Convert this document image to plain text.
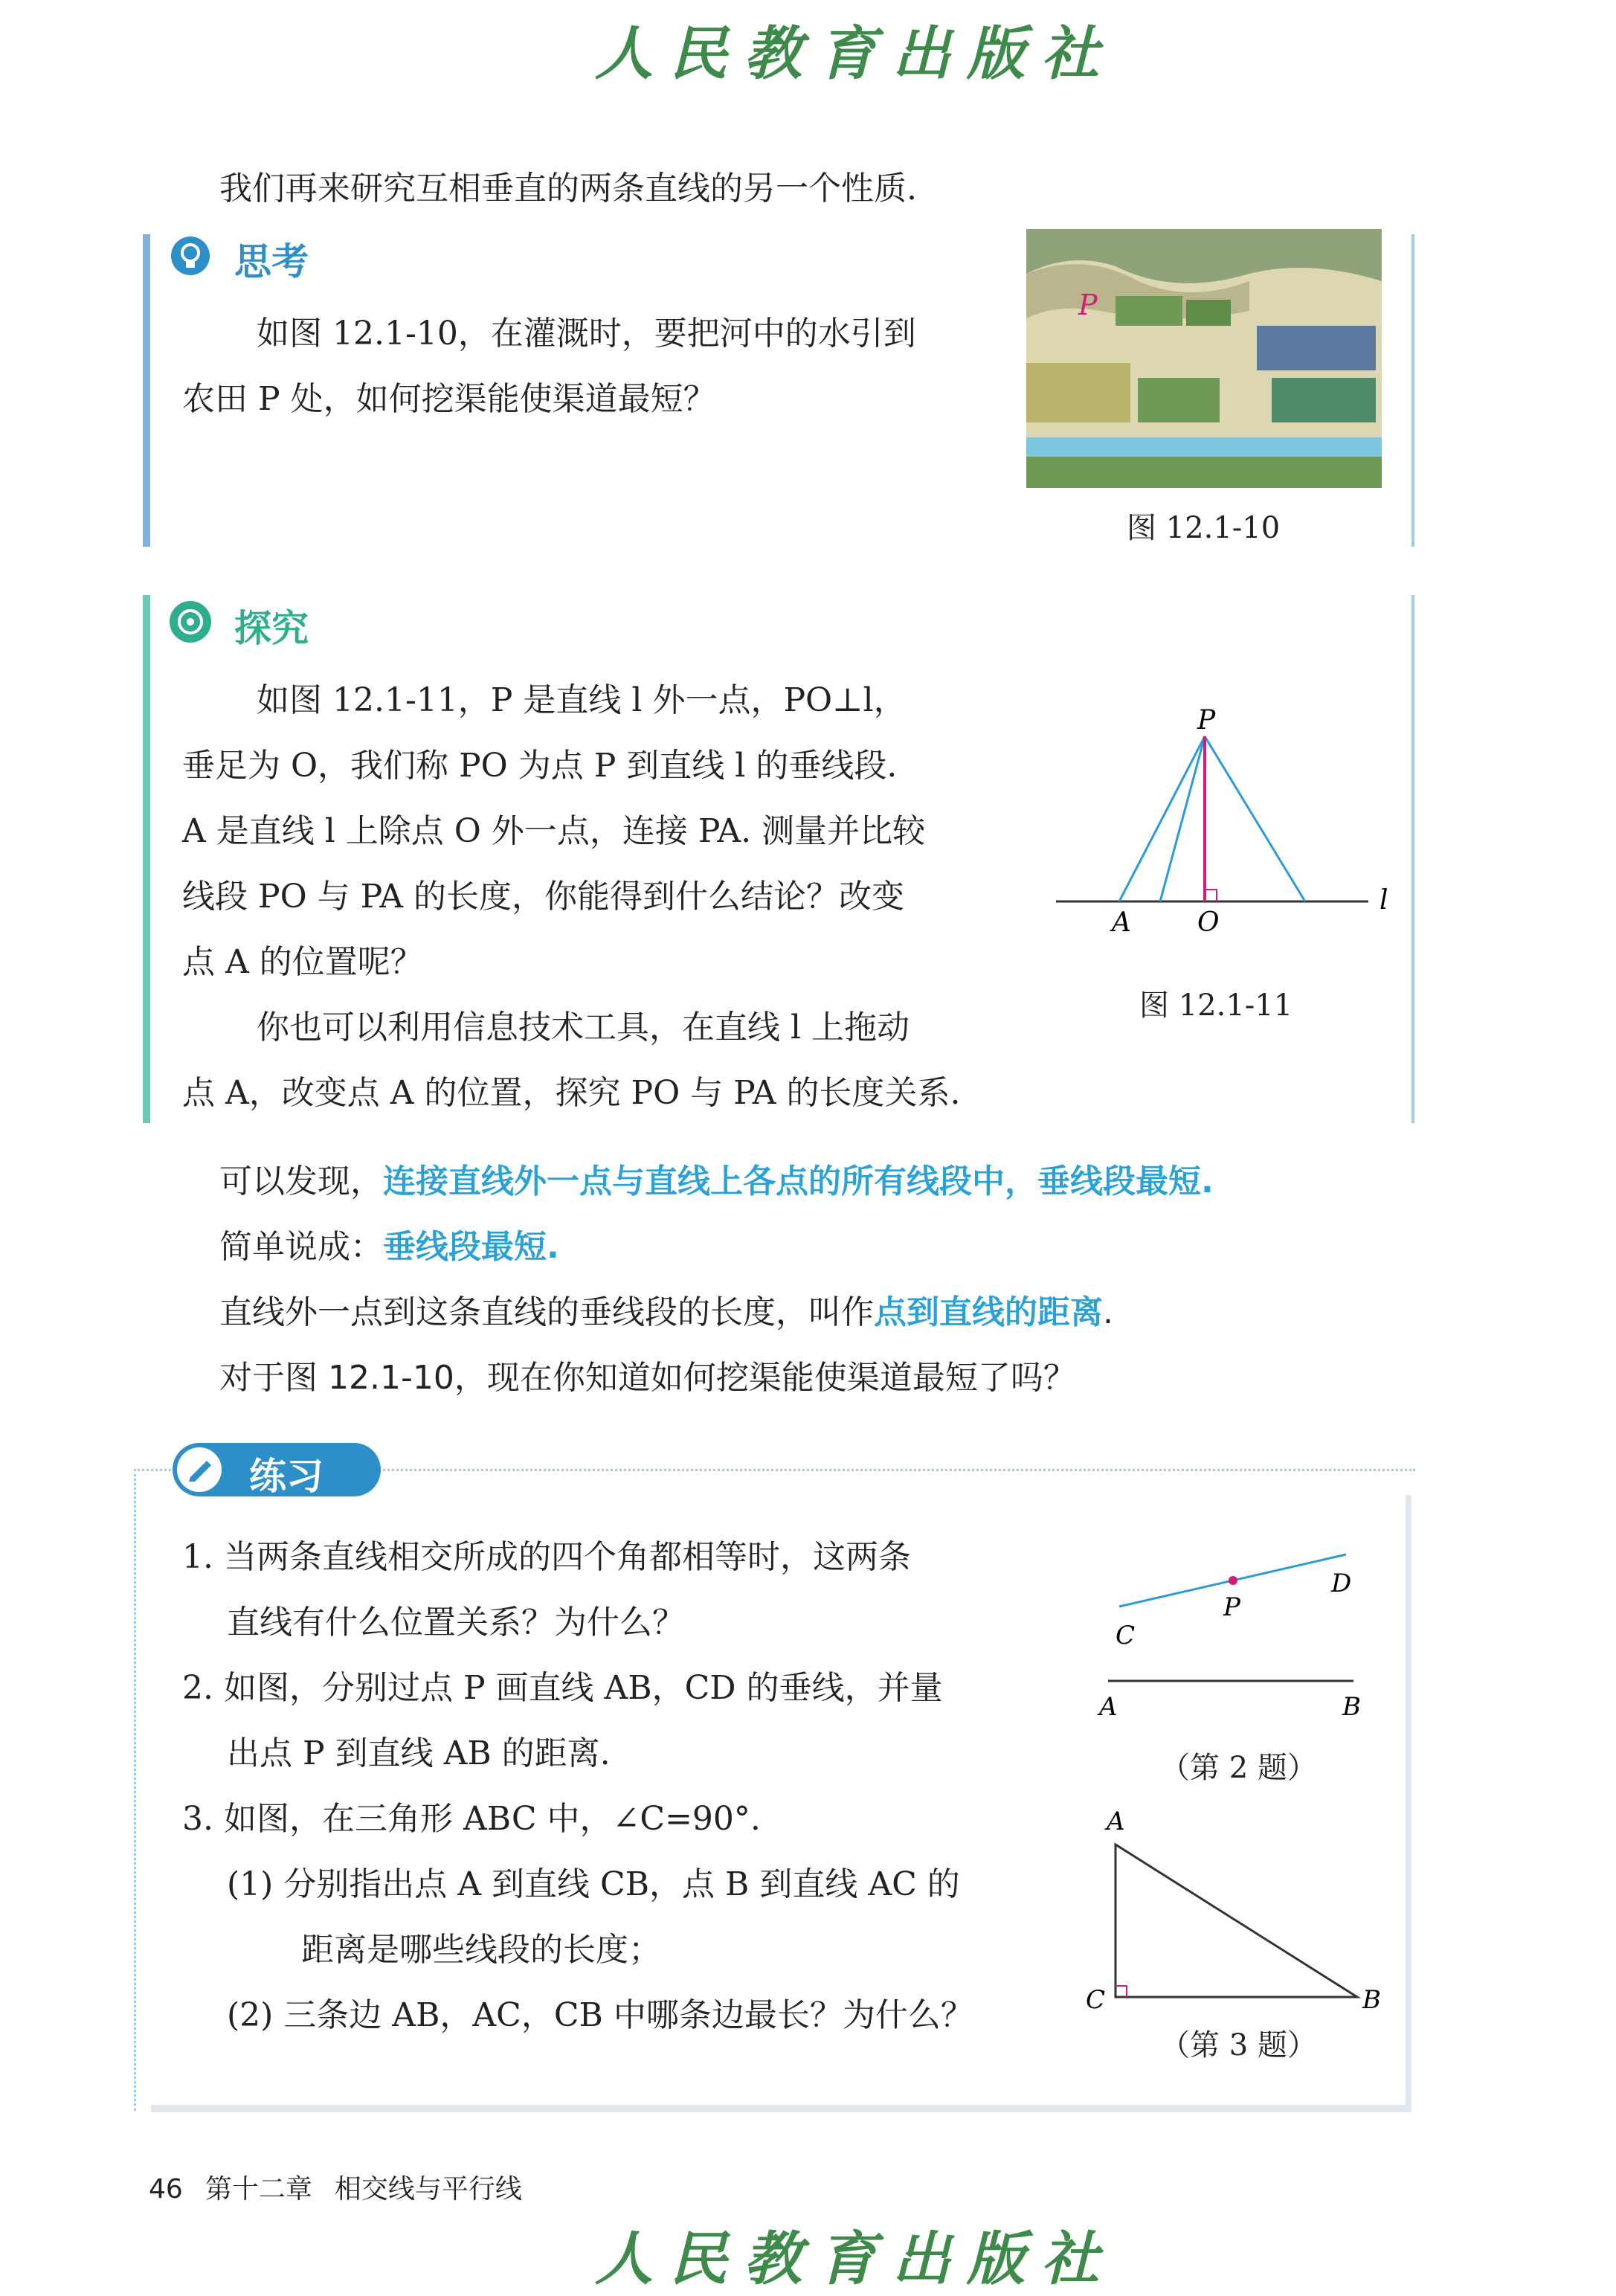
人民教育出版社
我们再来研究互相垂直的两条直线的另一个性质.
思考
如图 12.1-10，在灌溉时，要把河中的水引到
农田 P 处，如何挖渠能使渠道最短？
P
图 12.1-10
探究
如图 12.1-11，P 是直线 l 外一点，PO⊥l，
垂足为 O，我们称 PO 为点 P 到直线 l 的垂线段.
A 是直线 l 上除点 O 外一点，连接 PA. 测量并比较
线段 PO 与 PA 的长度，你能得到什么结论？改变
点 A 的位置呢？
你也可以利用信息技术工具，在直线 l 上拖动
点 A，改变点 A 的位置，探究 PO 与 PA 的长度关系.
P
A O
l
图 12.1-11
可以发现，连接直线外一点与直线上各点的所有线段中，垂线段最短.
简单说成：垂线段最短.
直线外一点到这条直线的垂线段的长度，叫作点到直线的距离.
对于图 12.1-10，现在你知道如何挖渠能使渠道最短了吗？
练习
1. 当两条直线相交所成的四个角都相等时，这两条
直线有什么位置关系？为什么？
2. 如图，分别过点 P 画直线 AB，CD 的垂线，并量
出点 P 到直线 AB 的距离.
3. 如图，在三角形 ABC 中，∠C=90°.
(1) 分别指出点 A 到直线 CB，点 B 到直线 AC 的
距离是哪些线段的长度；
(2) 三条边 AB，AC，CB 中哪条边最长？为什么？
P
C
D
A	B
（第 2 题）
A
C	B
（第 3 题）
46 第十二章 相交线与平行线
人民教育出版社
